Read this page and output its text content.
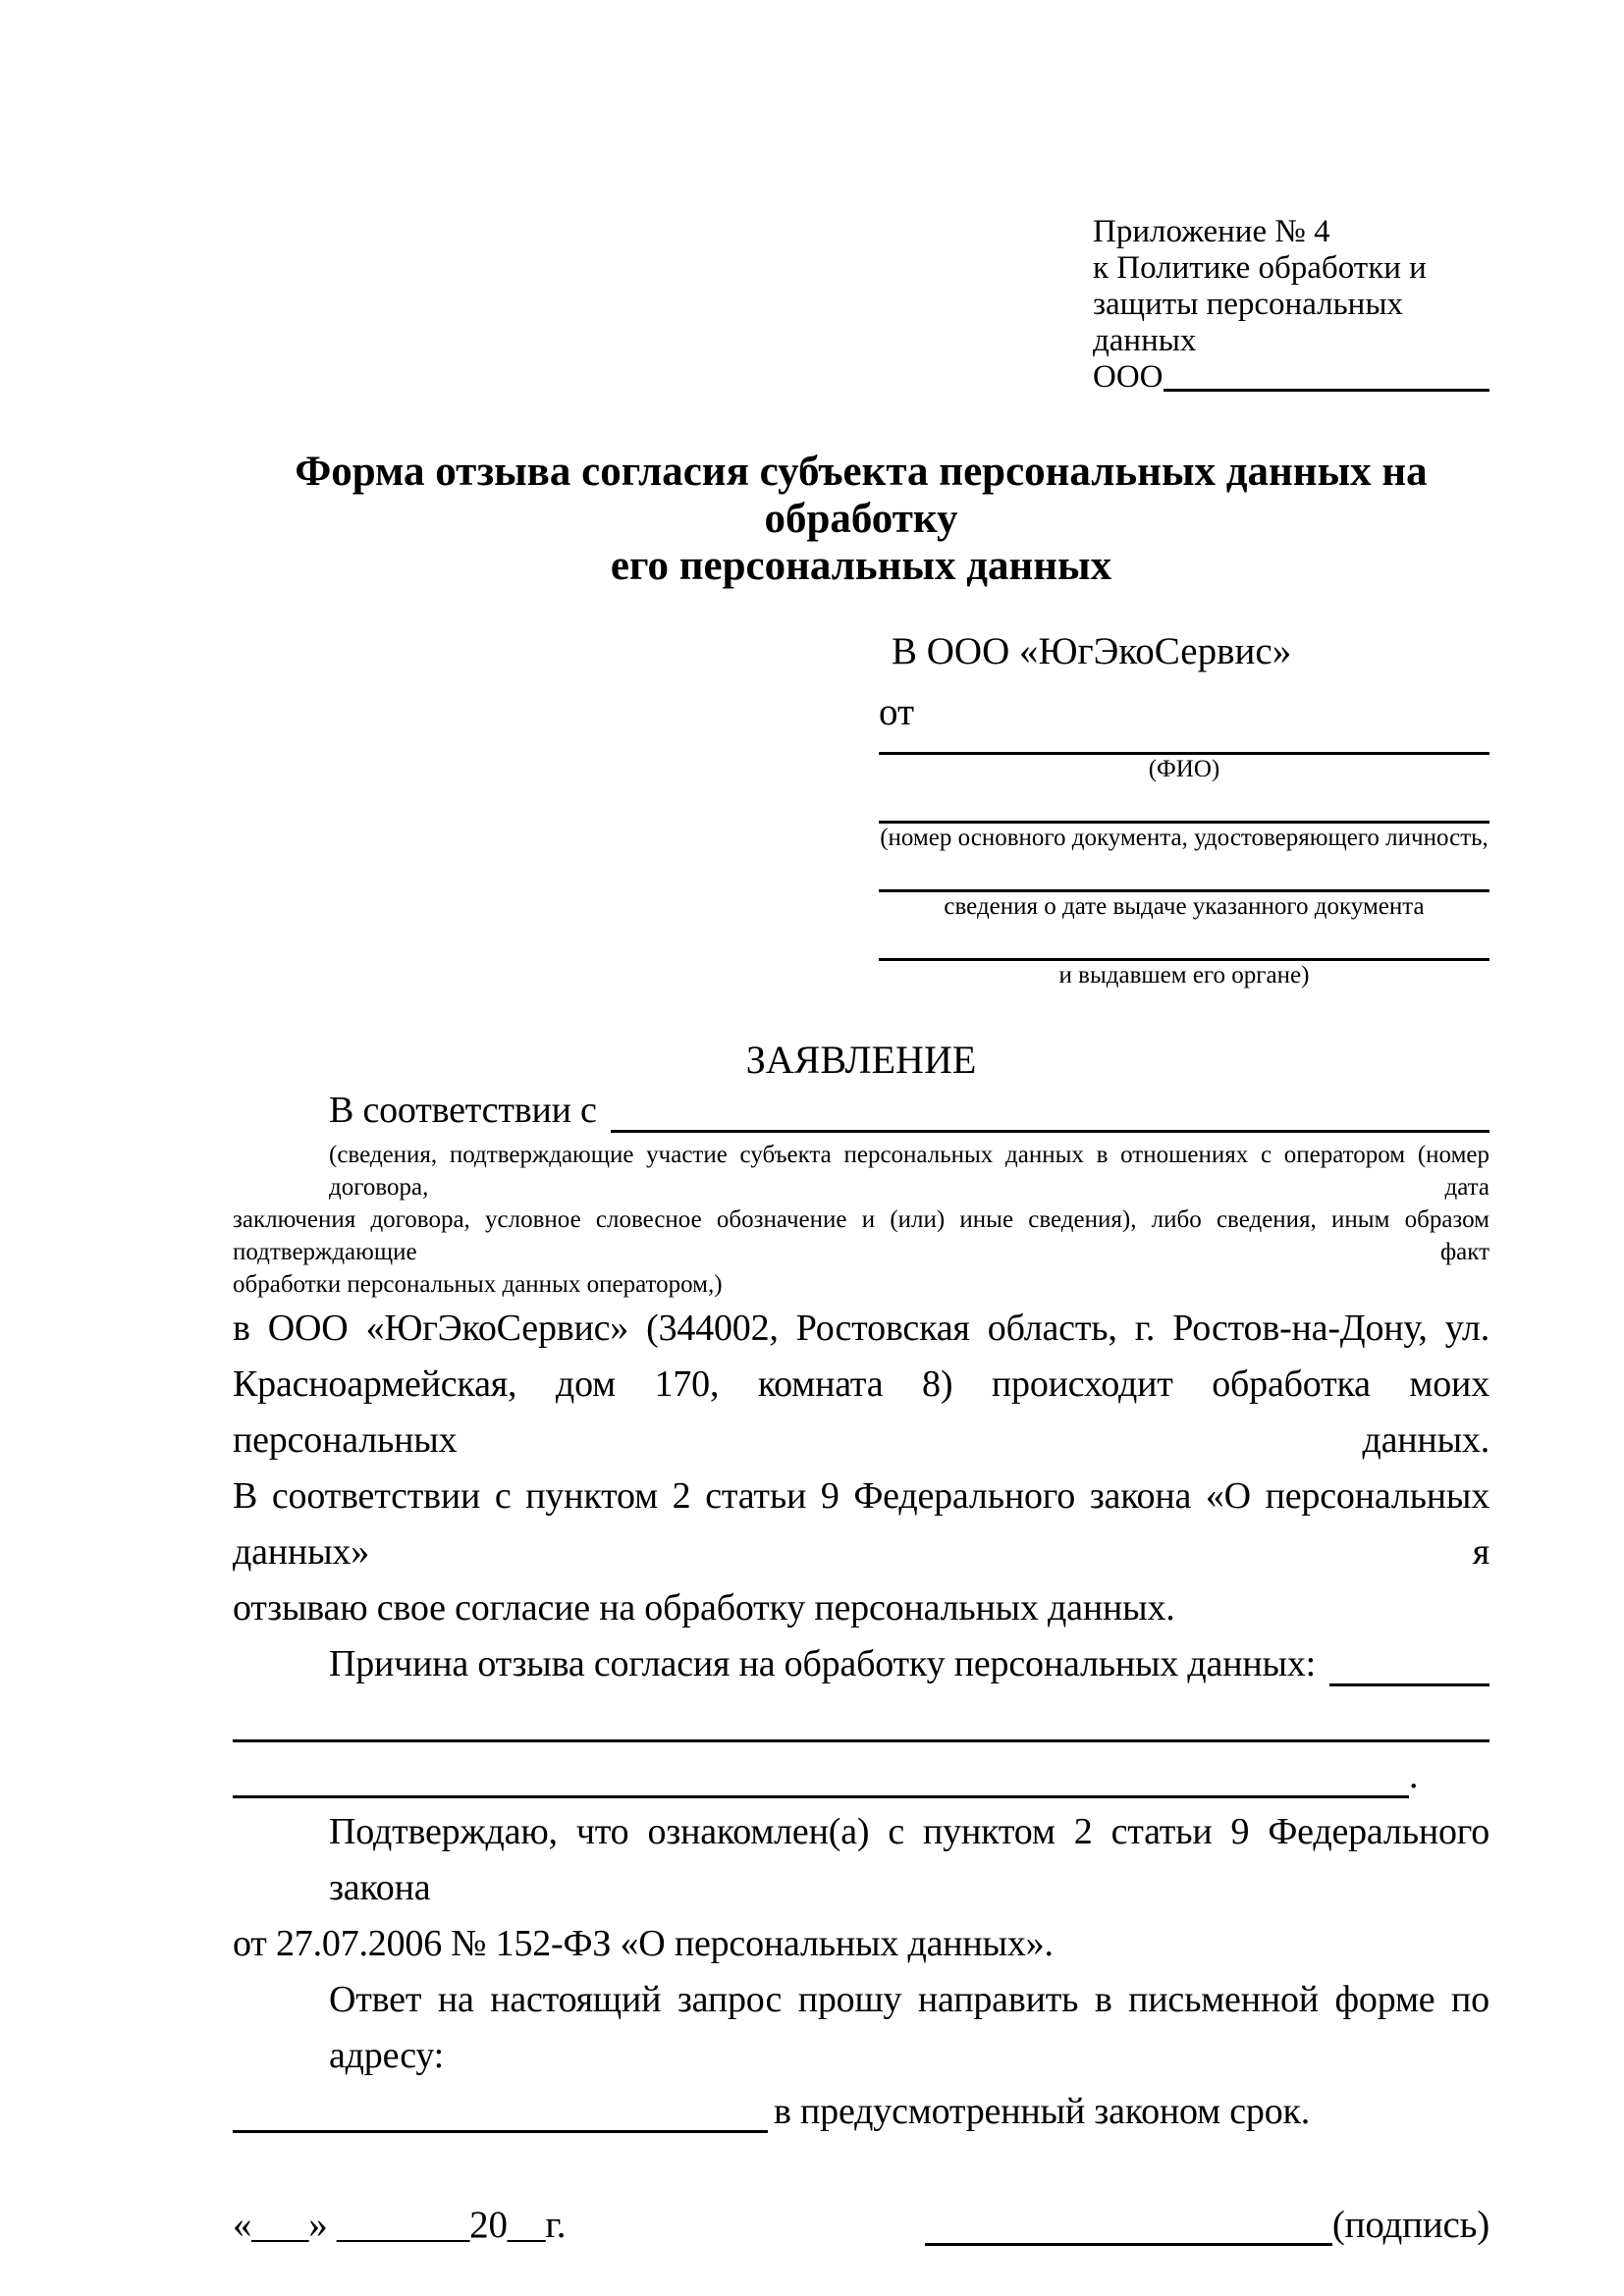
Приложение № 4
к Политике обработки и
защиты персональных данных
ООО
Форма отзыва согласия субъекта персональных данных на обработку
его персональных данных
В ООО «ЮгЭкоСервис»
от
(ФИО)
(номер основного документа, удостоверяющего личность,
сведения о дате выдаче указанного документа
и выдавшем его органе)
ЗАЯВЛЕНИЕ
В соответствии с
(сведения, подтверждающие участие субъекта персональных данных в отношениях с оператором (номер договора, дата
заключения договора, условное словесное обозначение и (или) иные сведения), либо сведения, иным образом подтверждающие факт
обработки персональных данных оператором,)
в ООО «ЮгЭкоСервис» (344002, Ростовская область, г. Ростов-на-Дону, ул.
Красноармейская, дом 170, комната 8) происходит обработка моих персональных данных.
В соответствии с пунктом 2 статьи 9 Федерального закона «О персональных данных» я
отзываю свое согласие на обработку персональных данных.
Причина отзыва согласия на обработку персональных данных:
.
Подтверждаю, что ознакомлен(а) с пунктом 2 статьи 9 Федерального закона
от 27.07.2006 № 152-ФЗ «О персональных данных».
Ответ на настоящий запрос прошу направить в письменной форме по адресу:
в предусмотренный законом срок.
«___» _______20__г.	(подпись)
